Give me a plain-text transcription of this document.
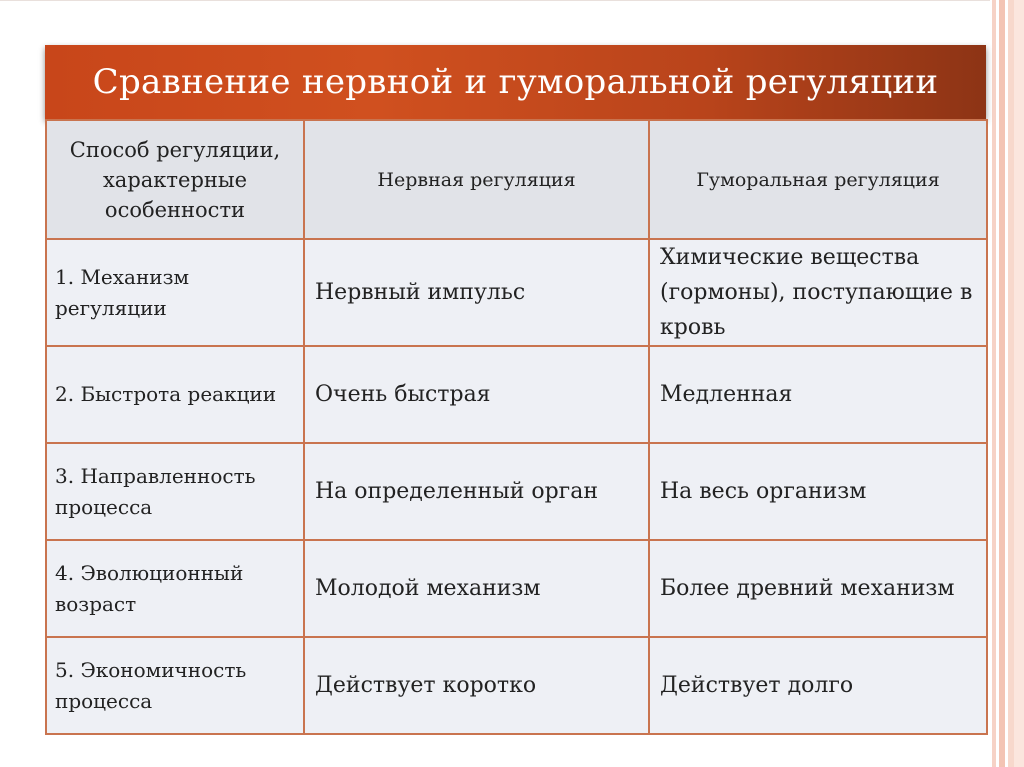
Сравнение нервной и гуморальной регуляции
Способ регуляции, характерные особенности	Нервная регуляция	Гуморальная регуляция
1. Механизм регуляции	Нервный импульс	Химические вещества (гормоны), поступающие в кровь
2. Быстрота реакции	Очень быстрая	Медленная
3. Направленность процесса	На определенный орган	На весь организм
4. Эволюционный возраст	Молодой механизм	Более древний механизм
5. Экономичность процесса	Действует коротко	Действует долго
